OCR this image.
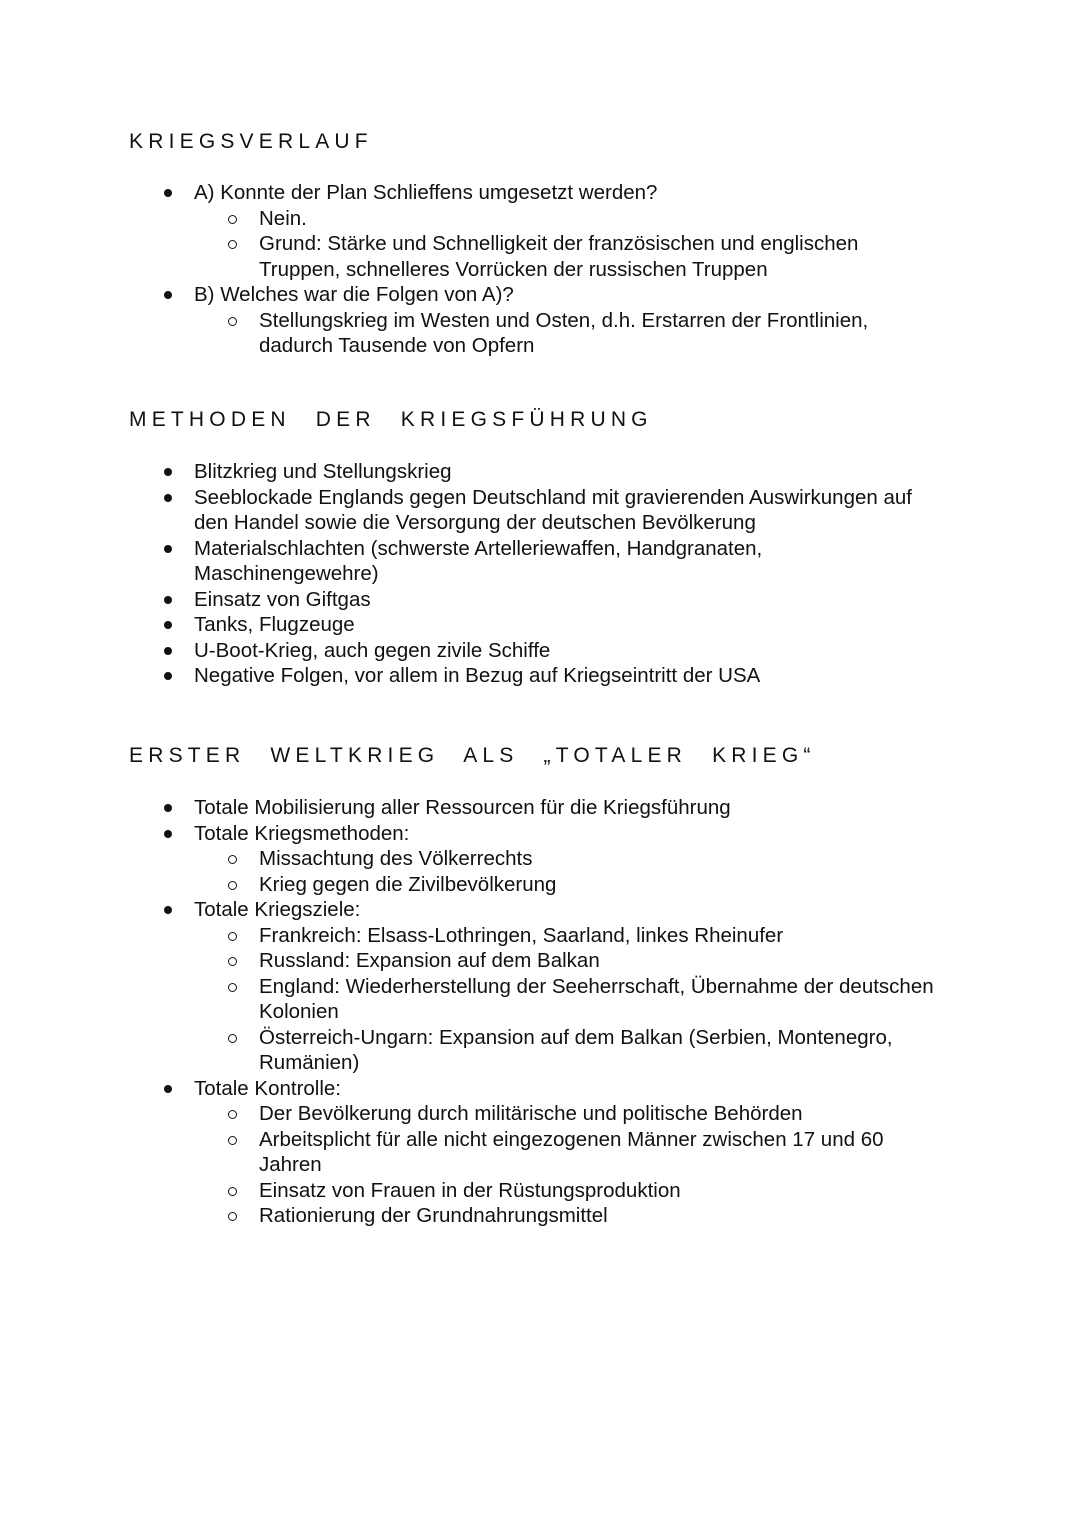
KRIEGSVERLAUF
A) Konnte der Plan Schlieffens umgesetzt werden?
Nein.
Grund: Stärke und Schnelligkeit der französischen und englischen Truppen, schnelleres Vorrücken der russischen Truppen
B) Welches war die Folgen von A)?
Stellungskrieg im Westen und Osten, d.h. Erstarren der Frontlinien, dadurch Tausende von Opfern
METHODEN DER KRIEGSFÜHRUNG
Blitzkrieg und Stellungskrieg
Seeblockade Englands gegen Deutschland mit gravierenden Auswirkungen auf den Handel sowie die Versorgung der deutschen Bevölkerung
Materialschlachten (schwerste Artelleriewaffen, Handgranaten, Maschinengewehre)
Einsatz von Giftgas
Tanks, Flugzeuge
U-Boot-Krieg, auch gegen zivile Schiffe
Negative Folgen, vor allem in Bezug auf Kriegseintritt der USA
ERSTER WELTKRIEG ALS „TOTALER KRIEG“
Totale Mobilisierung aller Ressourcen für die Kriegsführung
Totale Kriegsmethoden:
Missachtung des Völkerrechts
Krieg gegen die Zivilbevölkerung
Totale Kriegsziele:
Frankreich: Elsass-Lothringen, Saarland, linkes Rheinufer
Russland: Expansion auf dem Balkan
England: Wiederherstellung der Seeherrschaft, Übernahme der deutschen Kolonien
Österreich-Ungarn: Expansion auf dem Balkan (Serbien, Montenegro, Rumänien)
Totale Kontrolle:
Der Bevölkerung durch militärische und politische Behörden
Arbeitsplicht für alle nicht eingezogenen Männer zwischen 17 und 60 Jahren
Einsatz von Frauen in der Rüstungsproduktion
Rationierung der Grundnahrungsmittel
